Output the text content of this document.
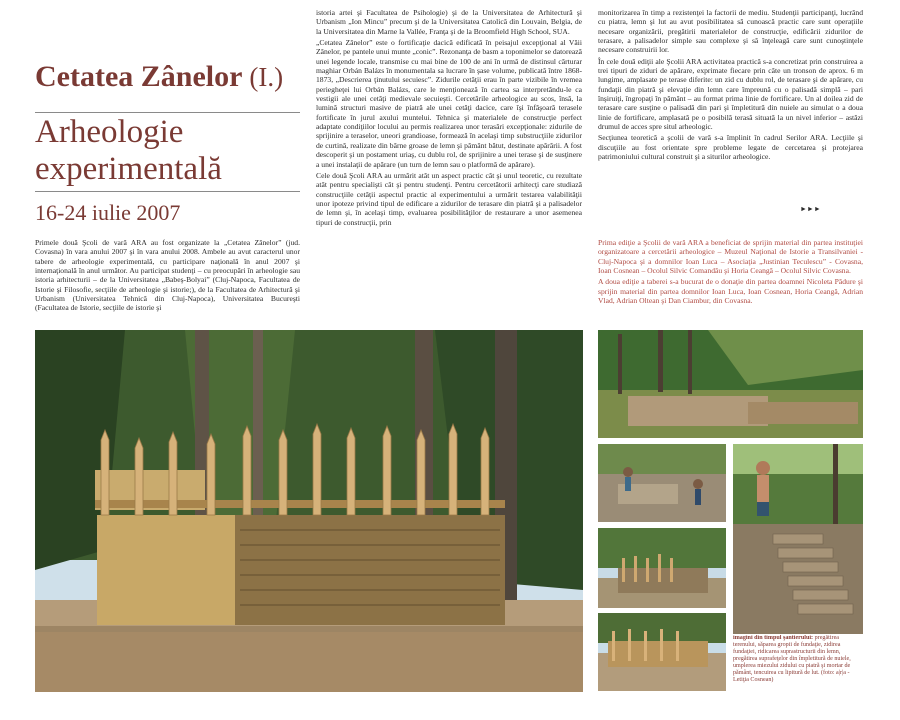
Cetatea Zânelor (I.)
Arheologie experimentală
16-24 iulie 2007

Primele două Şcoli de vară ARA au fost organizate la „Cetatea Zânelor” (jud. Covasna) în vara anului 2007 şi în vara anului 2008. Ambele au avut caracterul unor tabere de arheologie experimentală, cu participare naţională în anul 2007 şi internaţională în anul următor. Au participat studenţi – cu preocupări în arheologie sau istoria arhitecturii – de la Universitatea „Babeş-Bolyai” (Cluj-Napoca, Facultatea de Istorie şi Filosofie, secţiile de arheologie şi istorie;), de la Facultatea de Arhitectură şi Urbanism (Universitatea Tehnică din Cluj-Napoca), Universitatea Bucureşti (Facultatea de Istorie, secţiile de istorie şi

istoria artei şi Facultatea de Psihologie) şi de la Universitatea de Arhitectură şi Urbanism „Ion Mincu” precum şi de la Universitatea Catolică din Louvain, Belgia, de la Universitatea din Marne la Vallée, Franţa şi de la Broomfield High School, SUA.

„Cetatea Zânelor” este o fortificaţie dacică edificată în peisajul excepţional al Văii Zânelor, pe pantele unui munte „conic”. Rezonanţa de basm a toponimelor se datorează unei legende locale, transmise cu mai bine de 100 de ani în urmă de distinsul cărturar maghiar Orbán Balázs în monumentala sa lucrare în şase volume, publicată între 1868-1873, „Descrierea ţinutului secuiesc”. Zidurile cetăţii erau în parte vizibile în vremea periegheţei lui Orbán Balázs, care le menţionează în cartea sa interpretându-le ca vestigii ale unei cetăţi medievale secuieşti. Cercetările arheologice au scos, însă, la lumină structuri masive de piatră ale unei cetăţi dacice, care îşi înfăşoară terasele fortificate în jurul axului muntelui. Tehnica şi materialele de construcţie perfect adaptate condiţiilor locului au permis realizarea unor terasări excepţionale: zidurile de sprijinire a teraselor, uneori grandioase, formează în acelaşi timp substrucţiile zidurilor de curtină, realizate din bârne groase de lemn şi pământ bătut, destinate apărării. A fost descoperit şi un postament uriaş, cu dublu rol, de sprijinire a unei terase şi de susţinere a unei instalaţii de apărare (un turn de lemn sau o platformă de apărare).

Cele două Şcoli ARA au urmărit atât un aspect practic cât şi unul teoretic, cu rezultate atât pentru specialişti cât şi pentru studenţi. Pentru cercetătorii arhitecţi care studiază construcţiile cetăţii aspectul practic al experimentului a urmărit testarea valabilităţii unor ipoteze privind tipul de edificare a zidurilor de terasare din piatră şi a palisadelor de lemn şi, în acelaşi timp, evaluarea posibilităţilor de restaurare a unor asemenea tipuri de construcţii, prin

monitorizarea în timp a rezistenţei la factorii de mediu. Studenţii participanţi, lucrând cu piatra, lemn şi lut au avut posibilitatea să cunoască practic care sunt operaţiile necesare organizării, pregătirii materialelor de construcţie, edificării zidurilor de terasare, a palisadelor simple sau complexe şi să înţeleagă care sunt cunoştinţele necesare construirii lor.

În cele două ediţii ale Şcolii ARA activitatea practică s-a concretizat prin construirea a trei tipuri de ziduri de apărare, exprimate fiecare prin câte un tronson de aprox. 6 m lungime, amplasate pe terase diferite: un zid cu dublu rol, de terasare şi de apărare, cu fundaţii din piatră şi elevaţie din lemn care împreună cu o palisadă simplă – pari înşiruiţi, îngropaţi în pământ – au format prima linie de fortificare. Un al doilea zid de terasare care susţine o palisadă din pari şi împletitură din nuiele au simulat o a doua linie de fortificare, amplasată pe o posibilă terasă situată la un nivel inferior – astăzi drumul de acces spre situl arheologic.

Secţiunea teoretică a şcolii de vară s-a împlinit în cadrul Serilor ARA. Lecţiile şi discuţiile au fost orientate spre probleme legate de cercetarea şi protejarea patrimoniului cultural construit şi a siturilor arheologice.

►►►

Prima ediţie a Şcolii de vară ARA a beneficiat de sprijin material din partea instituţiei organizatoare a cercetării arheologice – Muzeul Naţional de Istorie a Transilvaniei - Cluj-Napoca şi a domnilor Ioan Luca – Asociaţia „Justinian Teculescu” - Covasna, Ioan Cosnean – Ocolul Silvic Comandău şi Horia Ceangă – Ocolul Silvic Covasna.

A doua ediţie a taberei s-a bucurat de o donaţie din partea doamnei Nicoleta Pădure şi sprijin material din partea domnilor Ioan Luca, Ioan Cosnean, Horia Ceangă, Adrian Vlad, Adrian Oltean şi Dan Ciambur, din Covasna.

imagini din timpul şantierului: pregătirea terenului, săparea gropii de fundaţie, zidirea fundaţiei, ridicarea suprastructurii din lemn, pregătirea suprafeţelor din împletitură de nuiele, umplerea miezului zidului cu piatră şi mortar de pământ, tencuirea cu lipitură de lut. (foto: a|r|a - Letiţia Cosnean)
